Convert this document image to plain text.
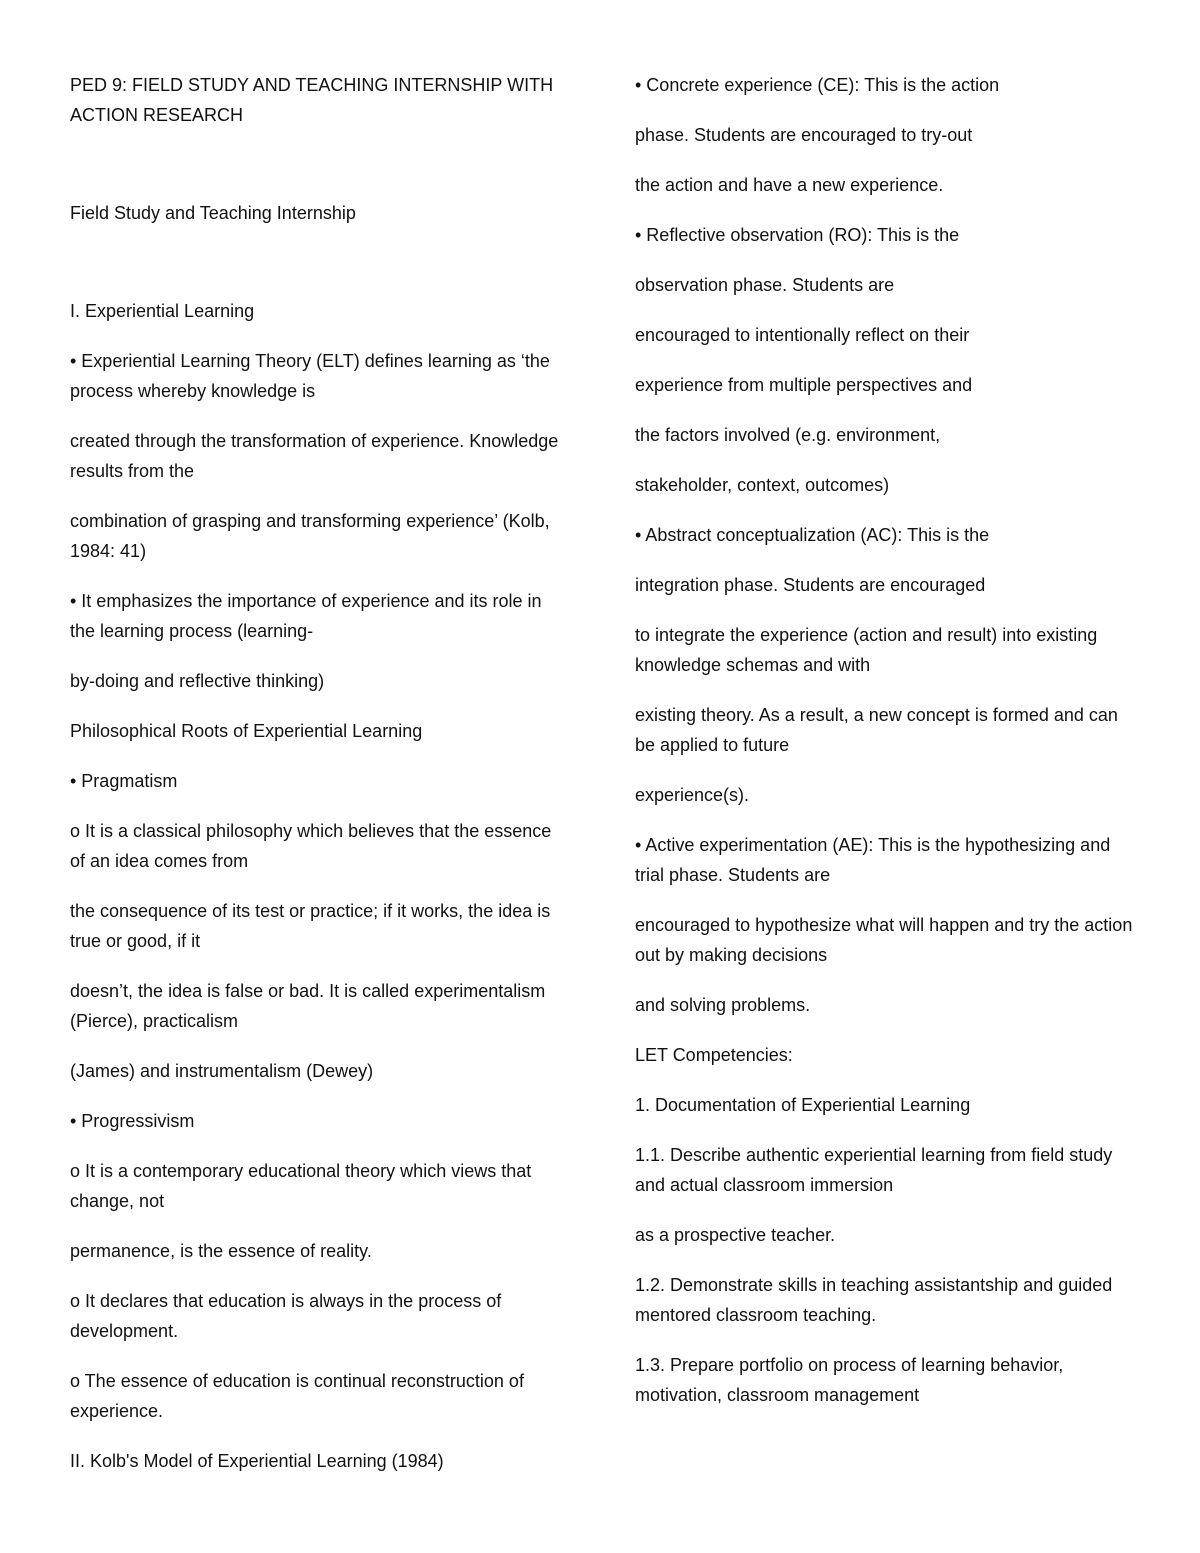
PED 9: FIELD STUDY AND TEACHING INTERNSHIP WITH
ACTION RESEARCH
Field Study and Teaching Internship
I. Experiential Learning
• Experiential Learning Theory (ELT) defines learning as ‘the process whereby knowledge is
created through the transformation of experience. Knowledge results from the
combination of grasping and transforming experience’ (Kolb, 1984: 41)
• It emphasizes the importance of experience and its role in the learning process (learning-
by-doing and reflective thinking)
Philosophical Roots of Experiential Learning
• Pragmatism
o It is a classical philosophy which believes that the essence of an idea comes from
the consequence of its test or practice; if it works, the idea is true or good, if it
doesn’t, the idea is false or bad. It is called experimentalism (Pierce), practicalism
(James) and instrumentalism (Dewey)
• Progressivism
o It is a contemporary educational theory which views that change, not
permanence, is the essence of reality.
o It declares that education is always in the process of development.
o The essence of education is continual reconstruction of experience.
II. Kolb's Model of Experiential Learning (1984)
• Concrete experience (CE): This is the action
phase. Students are encouraged to try-out
the action and have a new experience.
• Reflective observation (RO): This is the
observation phase. Students are
encouraged to intentionally reflect on their
experience from multiple perspectives and
the factors involved (e.g. environment,
stakeholder, context, outcomes)
• Abstract conceptualization (AC): This is the
integration phase. Students are encouraged
to integrate the experience (action and result) into existing knowledge schemas and with
existing theory. As a result, a new concept is formed and can be applied to future
experience(s).
• Active experimentation (AE): This is the hypothesizing and trial phase. Students are
encouraged to hypothesize what will happen and try the action out by making decisions
and solving problems.
LET Competencies:
1. Documentation of Experiential Learning
1.1. Describe authentic experiential learning from field study and actual classroom immersion
as a prospective teacher.
1.2. Demonstrate skills in teaching assistantship and guided mentored classroom teaching.
1.3. Prepare portfolio on process of learning behavior, motivation, classroom management
